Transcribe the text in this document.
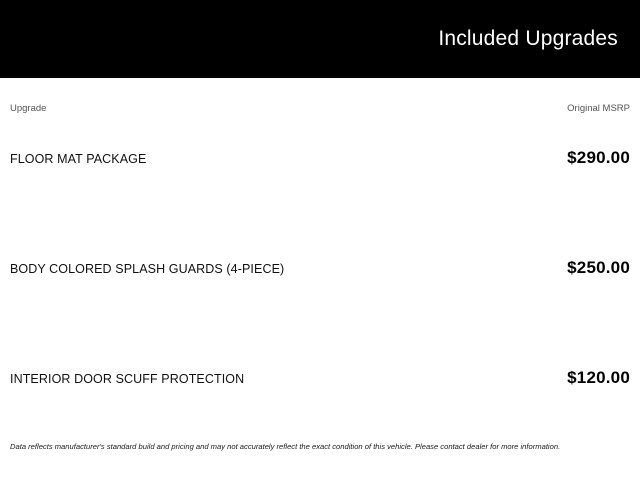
Included Upgrades
Upgrade	Original MSRP
FLOOR MAT PACKAGE	$290.00
BODY COLORED SPLASH GUARDS (4-PIECE)	$250.00
INTERIOR DOOR SCUFF PROTECTION	$120.00
Data reflects manufacturer's standard build and pricing and may not accurately reflect the exact condition of this vehicle. Please contact dealer for more information.
